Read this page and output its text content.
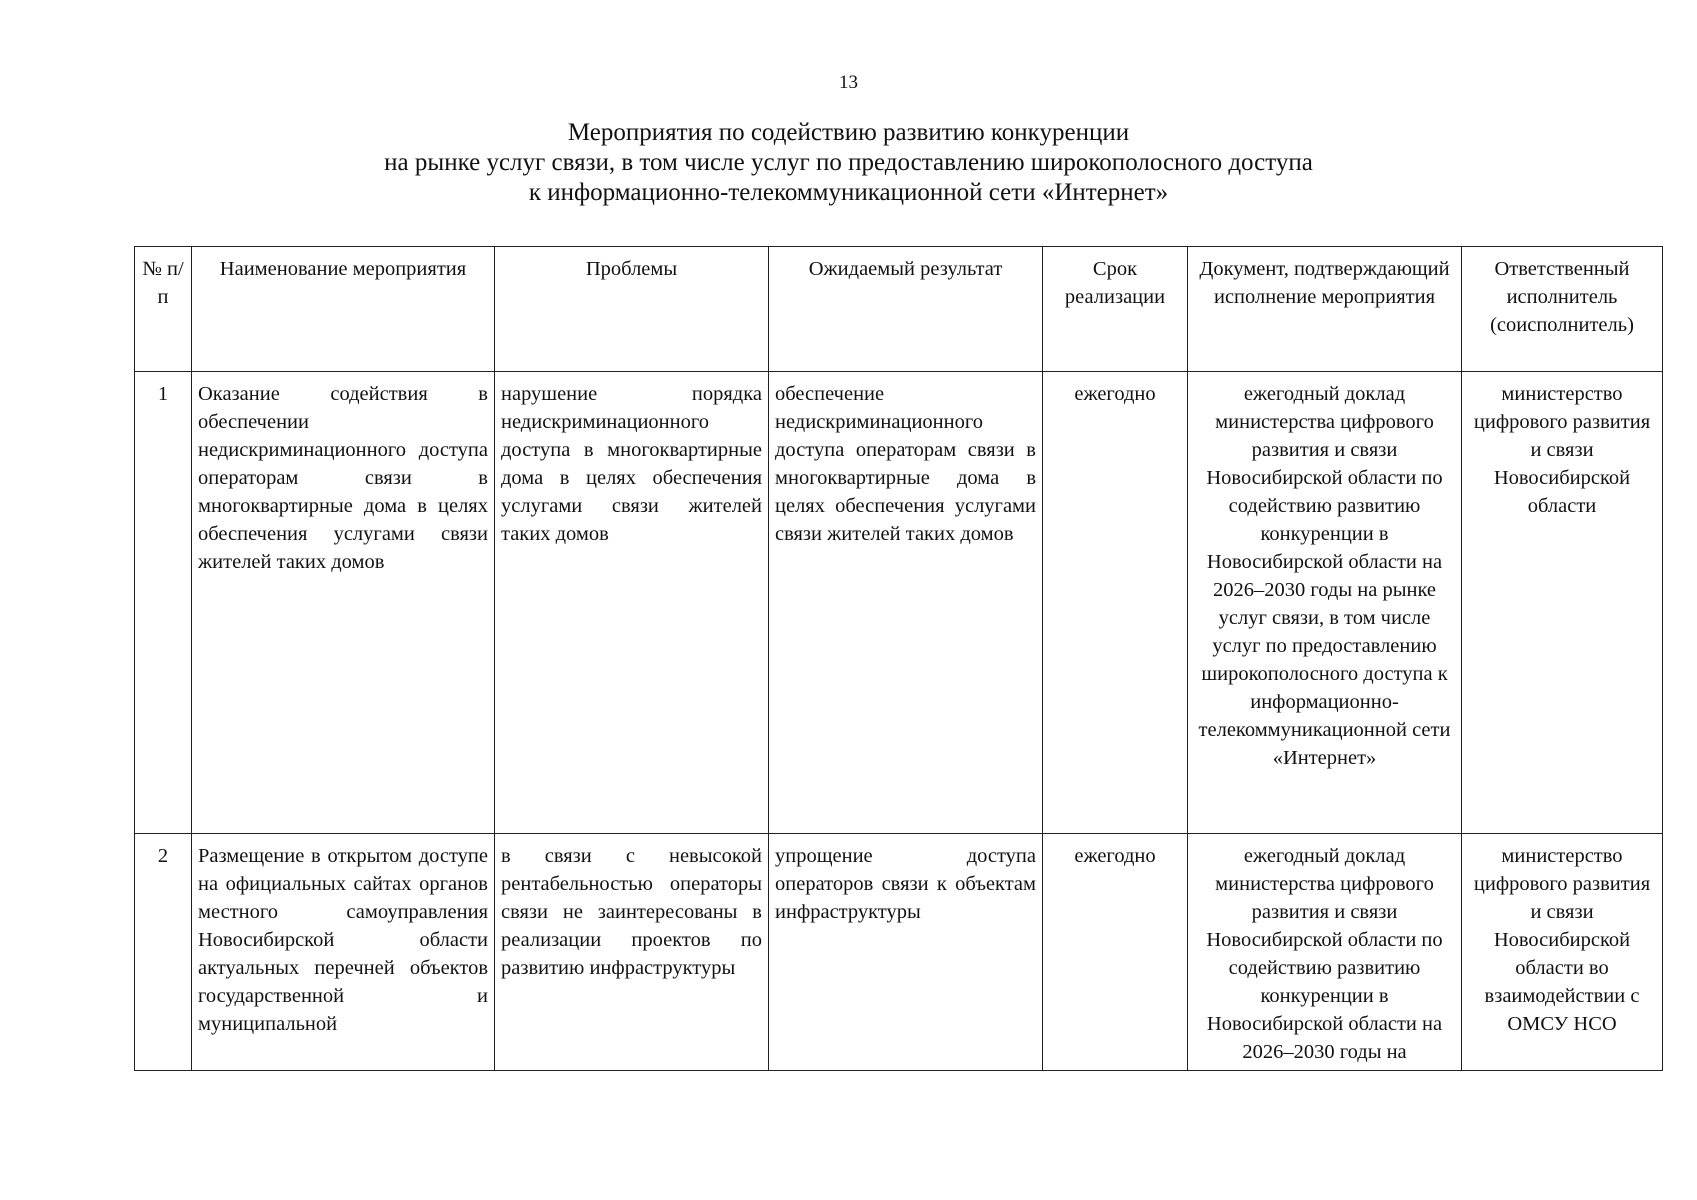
13
Мероприятия по содействию развитию конкуренции
на рынке услуг связи, в том числе услуг по предоставлению широкополосного доступа
к информационно-телекоммуникационной сети «Интернет»
№ п/п	Наименование мероприятия	Проблемы	Ожидаемый результат	Срок реализации	Документ, подтверждающий исполнение мероприятия	Ответственный исполнитель (соисполнитель)
1	Оказание содействия в обеспечении недискриминационного доступа операторам связи в многоквартирные дома в целях обеспечения услугами связи жителей таких домов	нарушение порядка недискриминационного доступа в многоквартирные дома в целях обеспечения услугами связи жителей таких домов	обеспечение недискриминационного доступа операторам связи в многоквартирные дома в целях обеспечения услугами связи жителей таких домов	ежегодно	ежегодный доклад министерства цифрового развития и связи Новосибирской области по содействию развитию конкуренции в Новосибирской области на 2026–2030 годы на рынке услуг связи, в том числе услуг по предоставлению широкополосного доступа к информационно-телекоммуникационной сети «Интернет»	министерство цифрового развития и связи Новосибирской области
2	Размещение в открытом доступе на официальных сайтах органов местного самоуправления Новосибирской области актуальных перечней объектов государственной и муниципальной	в связи с невысокой рентабельностью операторы связи не заинтересованы в реализации проектов по развитию инфраструктуры	упрощение доступа операторов связи к объектам инфраструктуры	ежегодно	ежегодный доклад министерства цифрового развития и связи Новосибирской области по содействию развитию конкуренции в Новосибирской области на 2026–2030 годы на	министерство цифрового развития и связи Новосибирской области во взаимодействии с ОМСУ НСО
